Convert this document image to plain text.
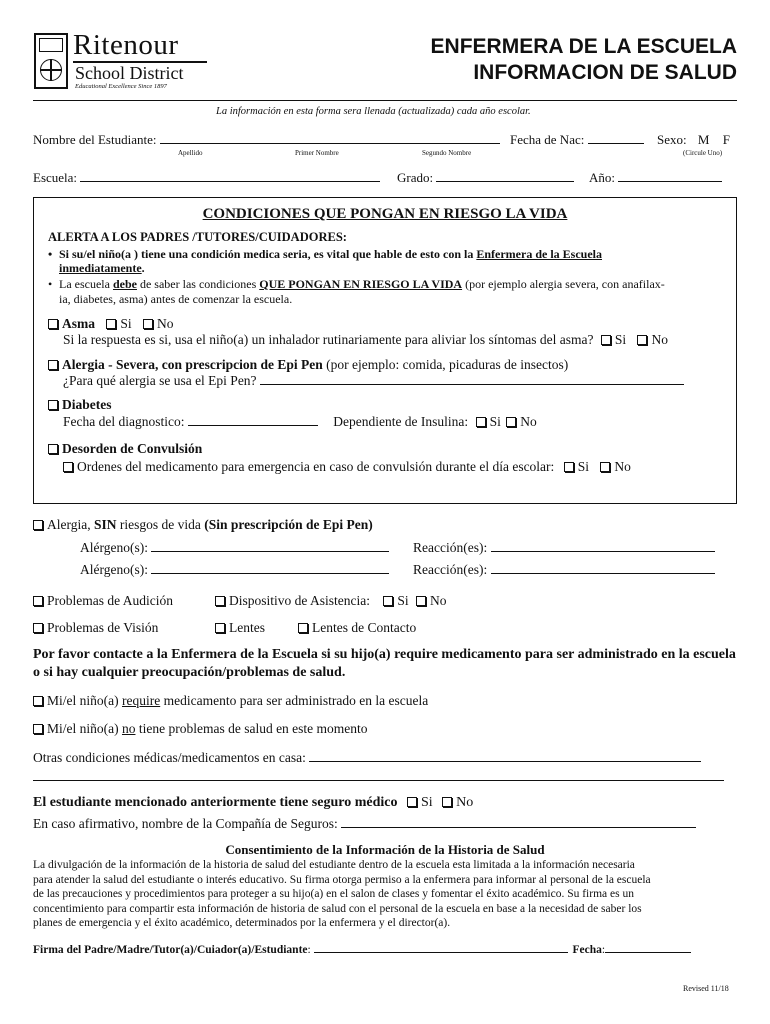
Ritenour
School District
Educational Excellence Since 1897
ENFERMERA DE LA ESCUELA
INFORMACION DE SALUD
La información en esta forma sera llenada (actualizada) cada año escolar.
Nombre del Estudiante:
Apellido	Primer Nombre	Segundo Nombre
Fecha de Nac:	Sexo: M F
(Circule Uno)
Escuela:	Grado:	Año:
CONDICIONES QUE PONGAN EN RIESGO LA VIDA
ALERTA A LOS PADRES /TUTORES/CUIDADORES:
• Si su/el niño(a ) tiene una condición medica seria, es vital que hable de esto con la Enfermera de la Escuela
inmediatamente.
• La escuela debe de saber las condiciones QUE PONGAN EN RIESGO LA VIDA (por ejemplo alergia severa, con anafilax-
ia, diabetes, asma) antes de comenzar la escuela.
Asma Si No
Si la respuesta es si, usa el niño(a) un inhalador rutinariamente para aliviar los síntomas del asma? Si No
Alergia - Severa, con prescripcion de Epi Pen (por ejemplo: comida, picaduras de insectos)
¿Para qué alergia se usa el Epi Pen?
Diabetes
Fecha del diagnostico:	Dependiente de Insulina: Si No
Desorden de Convulsión
Ordenes del medicamento para emergencia en caso de convulsión durante el día escolar: Si No
Alergia, SIN riesgos de vida (Sin prescripción de Epi Pen)
Alérgeno(s):	Reacción(es):
Alérgeno(s):	Reacción(es):
Problemas de Audición	Dispositivo de Asistencia: Si No
Problemas de Visión	Lentes	Lentes de Contacto
Por favor contacte a la Enfermera de la Escuela si su hijo(a) require medicamento para ser administrado en la escuela o si hay cualquier preocupación/problemas de salud.
Mi/el niño(a) require medicamento para ser administrado en la escuela
Mi/el niño(a) no tiene problemas de salud en este momento
Otras condiciones médicas/medicamentos en casa:
El estudiante mencionado anteriormente tiene seguro médico Si No
En caso afirmativo, nombre de la Compañía de Seguros:
Consentimiento de la Información de la Historia de Salud
La divulgación de la información de la historia de salud del estudiante dentro de la escuela esta limitada a la información necesaria
para atender la salud del estudiante o interés educativo. Su firma otorga permiso a la enfermera para informar al personal de la escuela
de las precauciones y procedimientos para proteger a su hijo(a) en el salon de clases y fomentar el éxito académico. Su firma es un
concentimiento para compartir esta información de historia de salud con el personal de la escuela en base a la necesidad de saber los
planes de emergencia y el éxito académico, determinados por la enfermera y el director(a).
Firma del Padre/Madre/Tutor(a)/Cuiador(a)/Estudiante:	Fecha:
Revised 11/18
